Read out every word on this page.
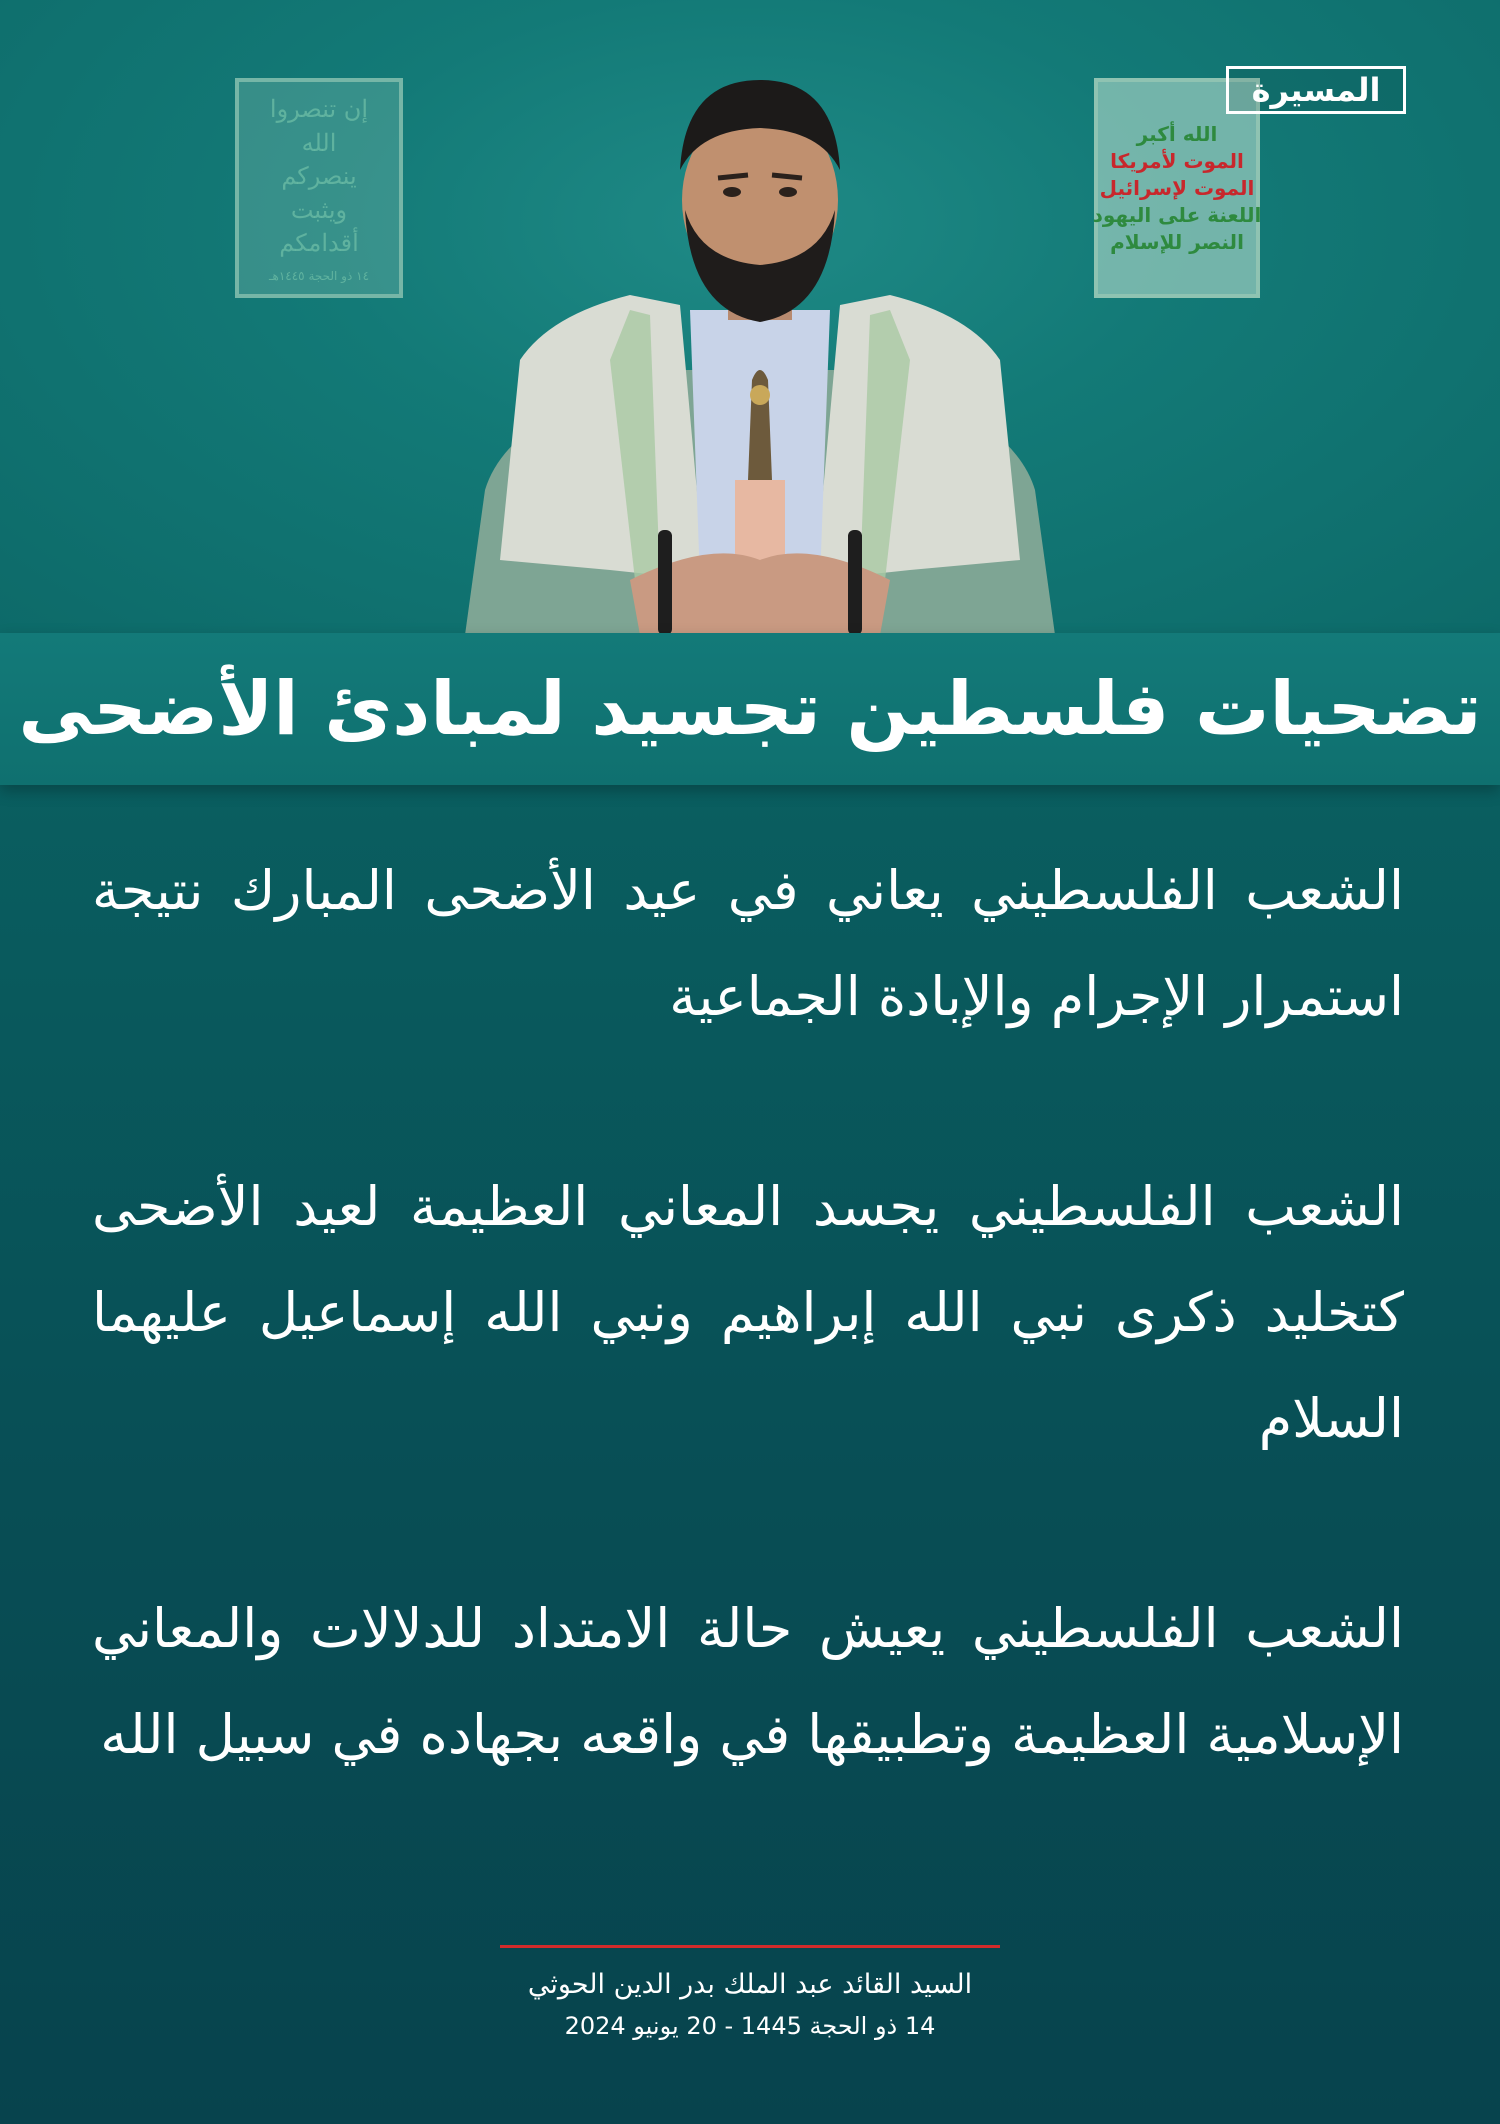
إن تنصروا الله
ينصركم
ويثبت أقدامكم
١٤ ذو الحجة ١٤٤٥هـ
الله أكبر
الموت لأمريكا
الموت لإسرائيل
اللعنة على اليهود
النصر للإسلام
المسيرة
تضحيات فلسطين تجسيد لمبادئ الأضحى

الشعب الفلسطيني يعاني في عيد الأضحى المبارك نتيجة استمرار الإجرام والإبادة الجماعية

الشعب الفلسطيني يجسد المعاني العظيمة لعيد الأضحى كتخليد ذكرى نبي الله إبراهيم ونبي الله إسماعيل عليهما السلام

الشعب الفلسطيني يعيش حالة الامتداد للدلالات والمعاني الإسلامية العظيمة وتطبيقها في واقعه بجهاده في سبيل الله

السيد القائد عبد الملك بدر الدين الحوثي
14 ذو الحجة 1445 - 20 يونيو 2024
